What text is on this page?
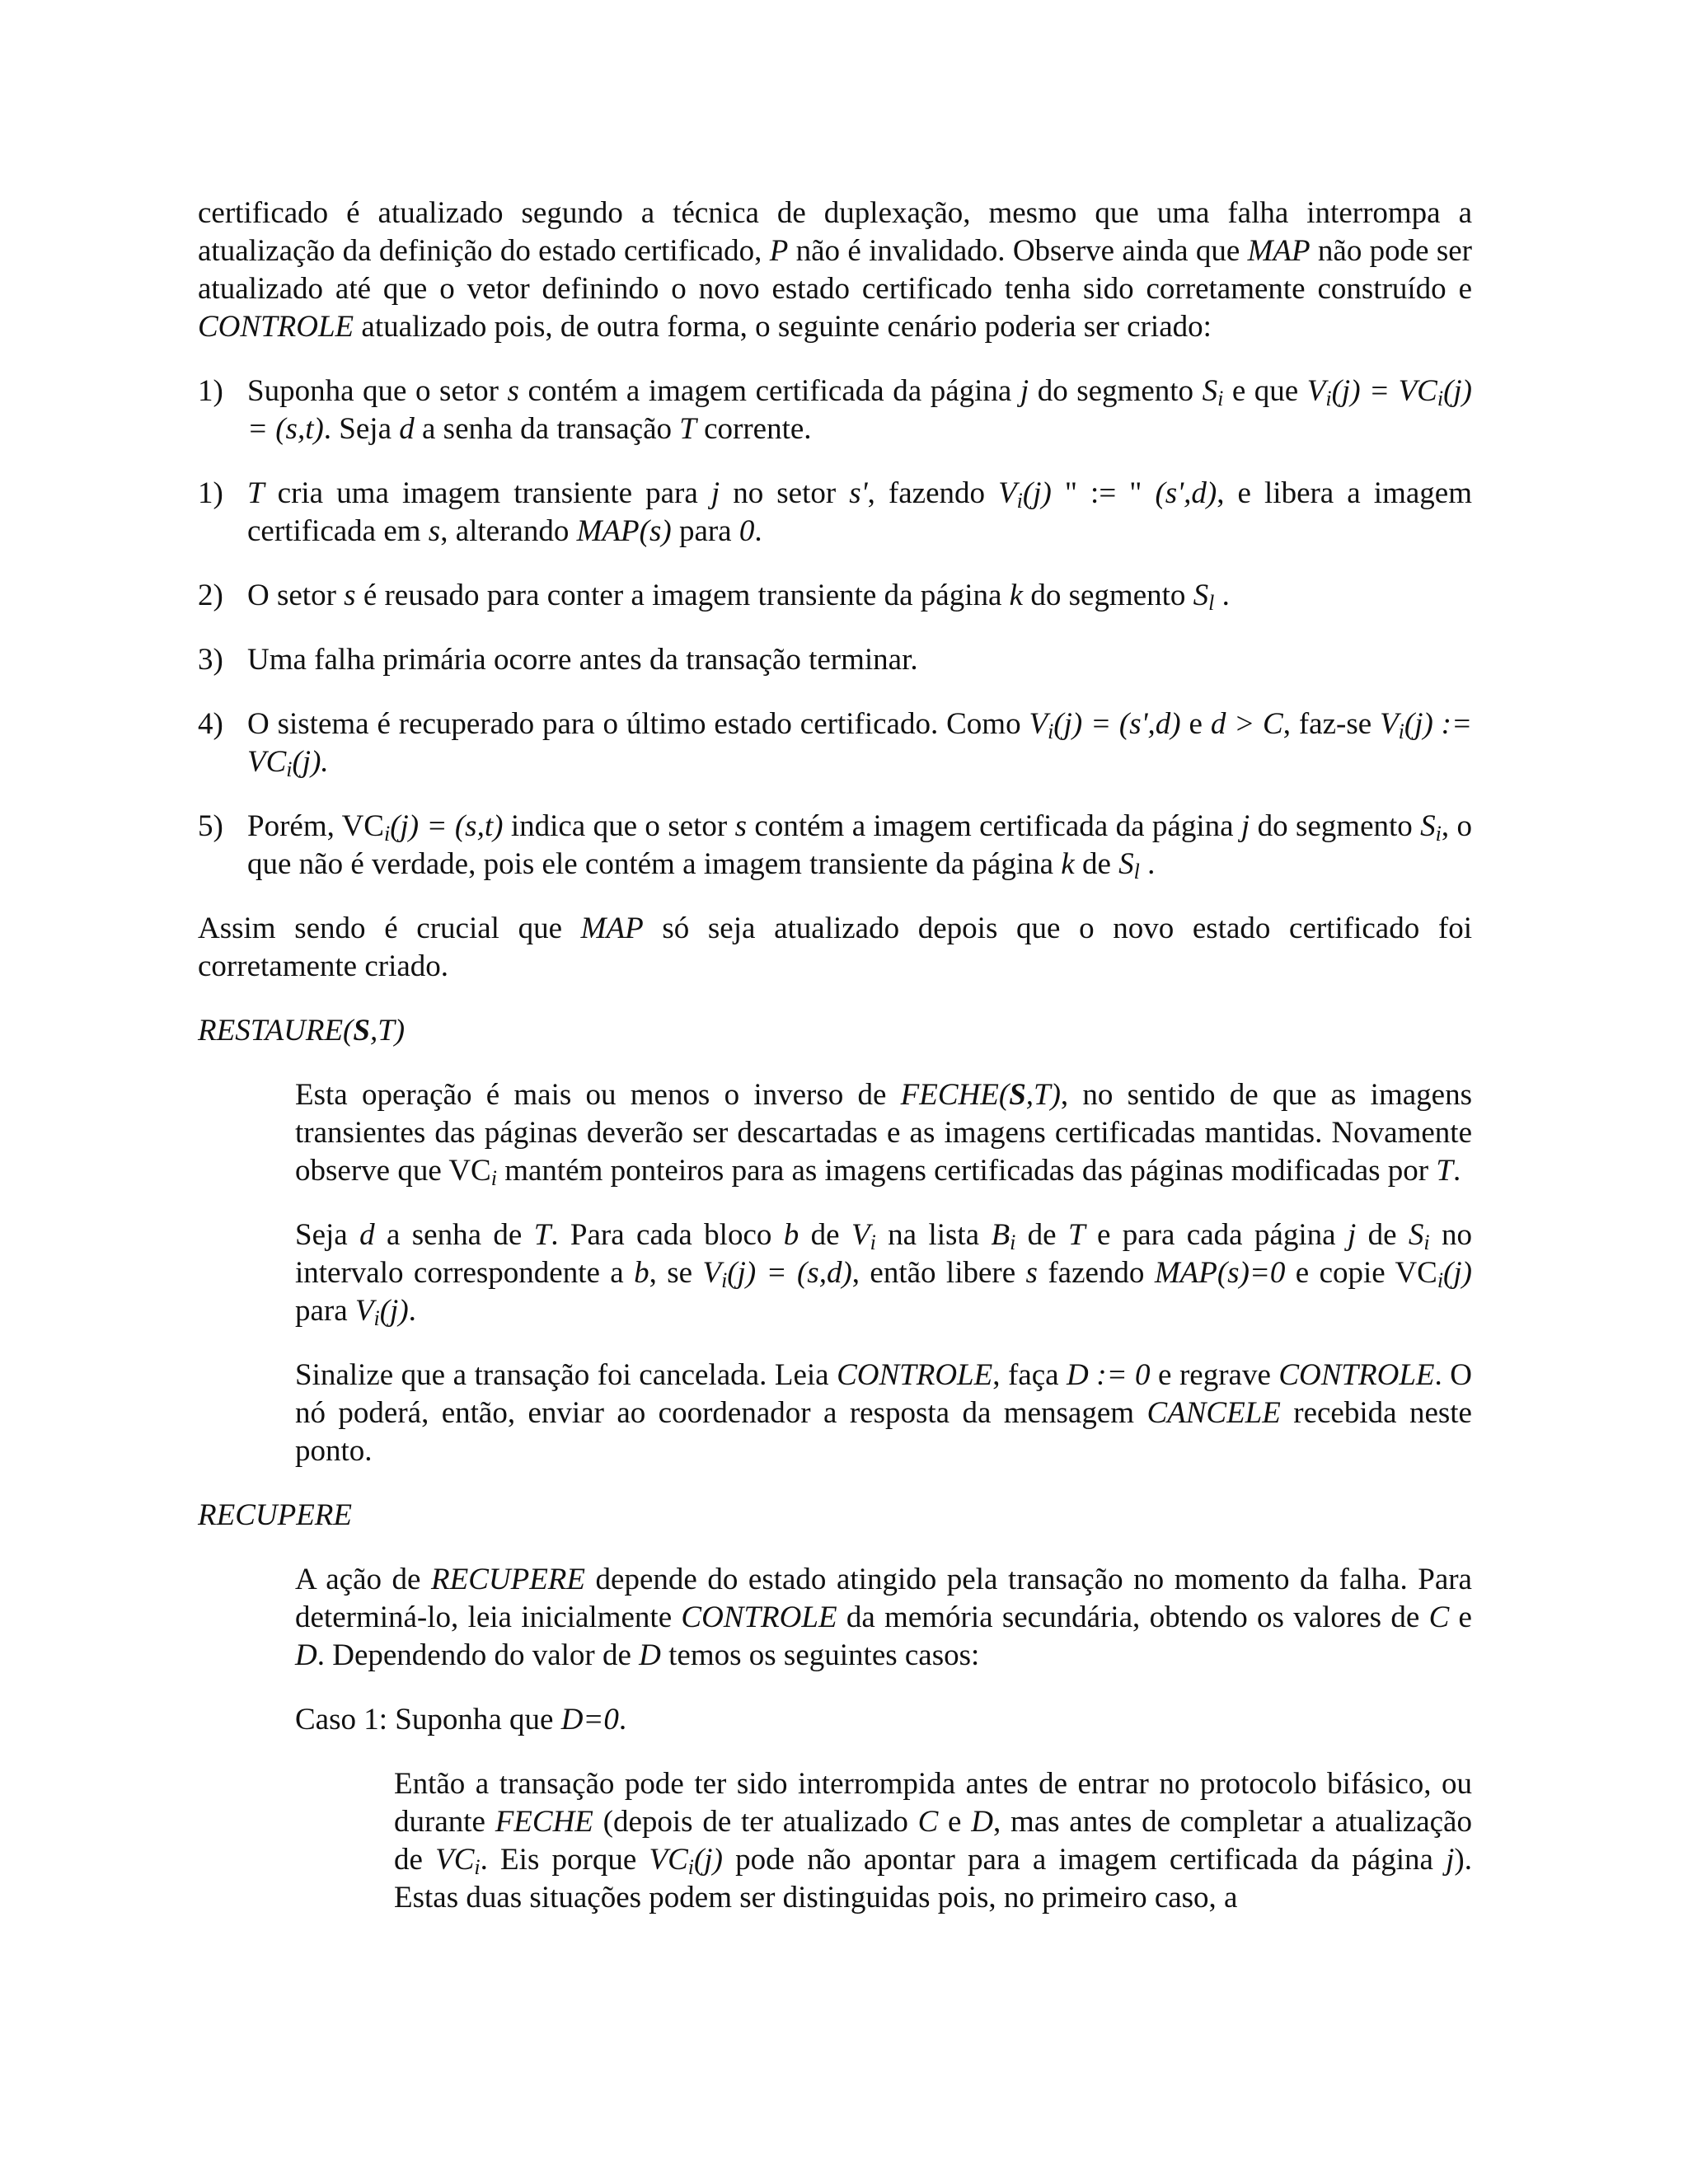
certificado é atualizado segundo a técnica de duplexação, mesmo que uma falha interrompa a atualização da definição do estado certificado, P não é invalidado. Observe ainda que MAP não pode ser atualizado até que o vetor definindo o novo estado certificado tenha sido corretamente construído e CONTROLE atualizado pois, de outra forma, o seguinte cenário poderia ser criado:

1) Suponha que o setor s contém a imagem certificada da página j do segmento $S_i$ e que $V_i(j) = VC_i(j) = (s,t)$. Seja d a senha da transação T corrente.
1) T cria uma imagem transiente para j no setor s', fazendo $V_i(j)$ " := " (s',d), e libera a imagem certificada em s, alterando MAP(s) para 0.
2) O setor s é reusado para conter a imagem transiente da página k do segmento $S_l$ .
3) Uma falha primária ocorre antes da transação terminar.
4) O sistema é recuperado para o último estado certificado. Como $V_i(j) = (s',d)$ e d > C, faz-se $V_i(j)$ := $VC_i(j)$.
5) Porém, $VC_i(j) = (s,t)$ indica que o setor s contém a imagem certificada da página j do segmento $S_i$, o que não é verdade, pois ele contém a imagem transiente da página k de $S_l$ .

Assim sendo é crucial que MAP só seja atualizado depois que o novo estado certificado foi corretamente criado.

RESTAURE(S,T)

Esta operação é mais ou menos o inverso de FECHE(S,T), no sentido de que as imagens transientes das páginas deverão ser descartadas e as imagens certificadas mantidas. Novamente observe que $VC_i$ mantém ponteiros para as imagens certificadas das páginas modificadas por T.

Seja d a senha de T. Para cada bloco b de $V_i$ na lista $B_i$ de T e para cada página j de $S_i$ no intervalo correspondente a b, se $V_i(j) = (s,d)$, então libere s fazendo MAP(s)=0 e copie $VC_i(j)$ para $V_i(j)$.

Sinalize que a transação foi cancelada. Leia CONTROLE, faça D := 0 e regrave CONTROLE. O nó poderá, então, enviar ao coordenador a resposta da mensagem CANCELE recebida neste ponto.

RECUPERE

A ação de RECUPERE depende do estado atingido pela transação no momento da falha. Para determiná-lo, leia inicialmente CONTROLE da memória secundária, obtendo os valores de C e D. Dependendo do valor de D temos os seguintes casos:

Caso 1: Suponha que D=0.

Então a transação pode ter sido interrompida antes de entrar no protocolo bifásico, ou durante FECHE (depois de ter atualizado C e D, mas antes de completar a atualização de $VC_i$. Eis porque $VC_i(j)$ pode não apontar para a imagem certificada da página j). Estas duas situações podem ser distinguidas pois, no primeiro caso, a
